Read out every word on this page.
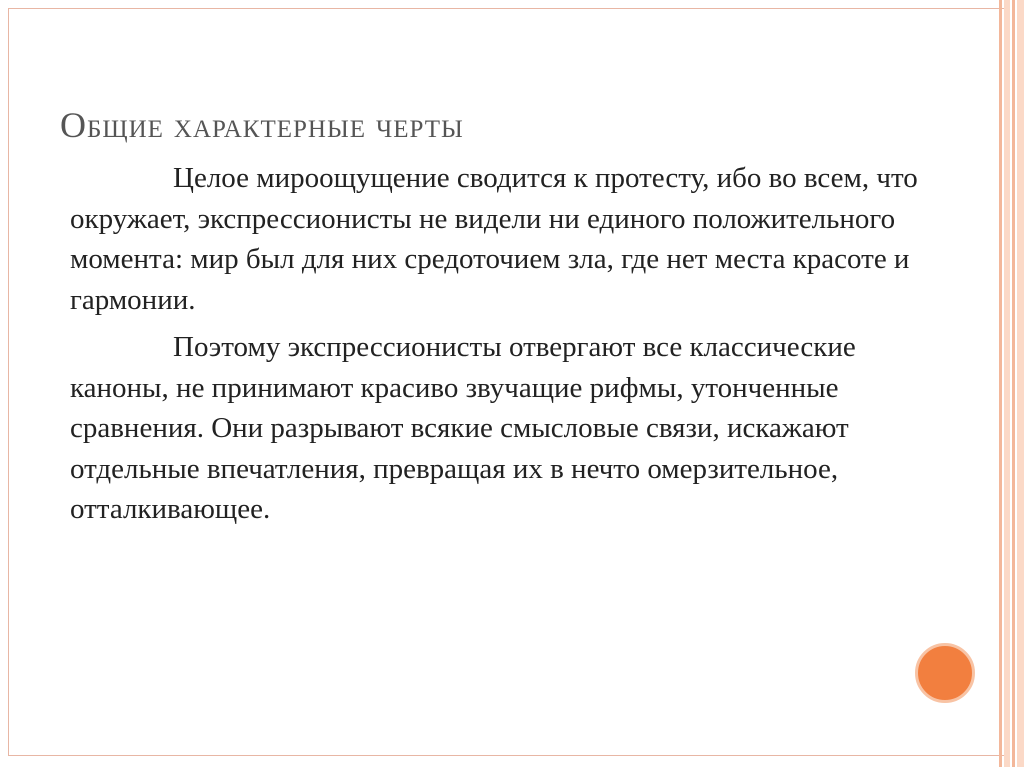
Общие характерные черты

Целое мироощущение сводится к протесту, ибо во всем, что окружает, экспрессионисты не видели ни единого положительного момента: мир был для них средоточием зла, где нет места красоте и гармонии.

Поэтому экспрессионисты отвергают все классические каноны, не принимают красиво звучащие рифмы, утонченные сравнения. Они разрывают всякие смысловые связи, искажают отдельные впечатления, превращая их в нечто омерзительное, отталкивающее.
